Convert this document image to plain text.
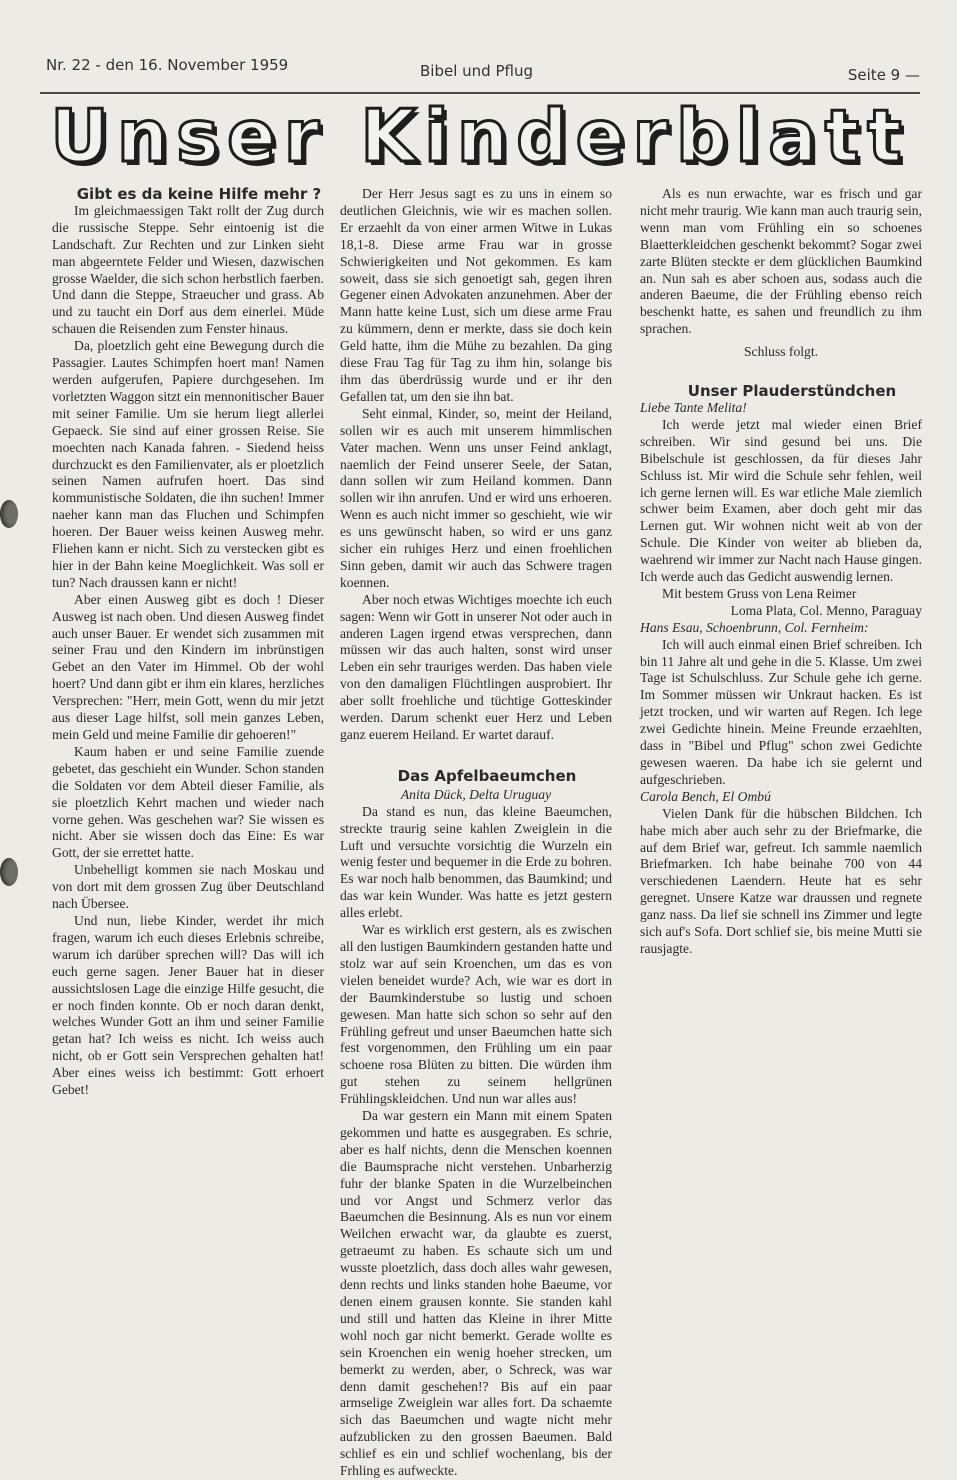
Nr. 22 - den 16. November 1959	Bibel und Pflug	Seite 9 —
Unser Kinderblatt

Gibt es da keine Hilfe mehr ?

Im gleichmaessigen Takt rollt der Zug durch die russische Steppe. Sehr eintoenig ist die Landschaft. Zur Rechten und zur Linken sieht man abgeerntete Felder und Wiesen, dazwischen grosse Waelder, die sich schon herbstlich faerben. Und dann die Steppe, Straeucher und grass. Ab und zu taucht ein Dorf aus dem einerlei. Müde schauen die Reisenden zum Fenster hinaus.

Da, ploetzlich geht eine Bewegung durch die Passagier. Lautes Schimpfen hoert man! Namen werden aufgerufen, Papiere durchgesehen. Im vorletzten Waggon sitzt ein mennonitischer Bauer mit seiner Familie. Um sie herum liegt allerlei Gepaeck. Sie sind auf einer grossen Reise. Sie moechten nach Kanada fahren. - Siedend heiss durchzuckt es den Familienvater, als er ploetzlich seinen Namen aufrufen hoert. Das sind kommunistische Soldaten, die ihn suchen! Immer naeher kann man das Fluchen und Schimpfen hoeren. Der Bauer weiss keinen Ausweg mehr. Fliehen kann er nicht. Sich zu verstecken gibt es hier in der Bahn keine Moeglichkeit. Was soll er tun? Nach draussen kann er nicht!

Aber einen Ausweg gibt es doch ! Dieser Ausweg ist nach oben. Und diesen Ausweg findet auch unser Bauer. Er wendet sich zusammen mit seiner Frau und den Kindern im inbrünstigen Gebet an den Vater im Himmel. Ob der wohl hoert? Und dann gibt er ihm ein klares, herzliches Versprechen: "Herr, mein Gott, wenn du mir jetzt aus dieser Lage hilfst, soll mein ganzes Leben, mein Geld und meine Familie dir gehoeren!"

Kaum haben er und seine Familie zuende gebetet, das geschieht ein Wunder. Schon standen die Soldaten vor dem Abteil dieser Familie, als sie ploetzlich Kehrt machen und wieder nach vorne gehen. Was geschehen war? Sie wissen es nicht. Aber sie wissen doch das Eine: Es war Gott, der sie errettet hatte.

Unbehelligt kommen sie nach Moskau und von dort mit dem grossen Zug über Deutschland nach Übersee.

Und nun, liebe Kinder, werdet ihr mich fragen, warum ich euch dieses Erlebnis schreibe, warum ich darüber sprechen will? Das will ich euch gerne sagen. Jener Bauer hat in dieser aussichtslosen Lage die einzige Hilfe gesucht, die er noch finden konnte. Ob er noch daran denkt, welches Wunder Gott an ihm und seiner Familie getan hat? Ich weiss es nicht. Ich weiss auch nicht, ob er Gott sein Versprechen gehalten hat! Aber eines weiss ich bestimmt: Gott erhoert Gebet!

Der Herr Jesus sagt es zu uns in einem so deutlichen Gleichnis, wie wir es machen sollen. Er erzaehlt da von einer armen Witwe in Lukas 18,1-8. Diese arme Frau war in grosse Schwierigkeiten und Not gekommen. Es kam soweit, dass sie sich genoetigt sah, gegen ihren Gegener einen Advokaten anzunehmen. Aber der Mann hatte keine Lust, sich um diese arme Frau zu kümmern, denn er merkte, dass sie doch kein Geld hatte, ihm die Mühe zu bezahlen. Da ging diese Frau Tag für Tag zu ihm hin, solange bis ihm das überdrüssig wurde und er ihr den Gefallen tat, um den sie ihn bat.

Seht einmal, Kinder, so, meint der Heiland, sollen wir es auch mit unserem himmlischen Vater machen. Wenn uns unser Feind anklagt, naemlich der Feind unserer Seele, der Satan, dann sollen wir zum Heiland kommen. Dann sollen wir ihn anrufen. Und er wird uns erhoeren. Wenn es auch nicht immer so geschieht, wie wir es uns gewünscht haben, so wird er uns ganz sicher ein ruhiges Herz und einen froehlichen Sinn geben, damit wir auch das Schwere tragen koennen.

Aber noch etwas Wichtiges moechte ich euch sagen: Wenn wir Gott in unserer Not oder auch in anderen Lagen irgend etwas versprechen, dann müssen wir das auch halten, sonst wird unser Leben ein sehr trauriges werden. Das haben viele von den damaligen Flüchtlingen ausprobiert. Ihr aber sollt froehliche und tüchtige Gotteskinder werden. Darum schenkt euer Herz und Leben ganz euerem Heiland. Er wartet darauf.

Das Apfelbaeumchen

Anita Dück, Delta Uruguay

Da stand es nun, das kleine Baeumchen, streckte traurig seine kahlen Zweiglein in die Luft und versuchte vorsichtig die Wurzeln ein wenig fester und bequemer in die Erde zu bohren. Es war noch halb benommen, das Baumkind; und das war kein Wunder. Was hatte es jetzt gestern alles erlebt.

War es wirklich erst gestern, als es zwischen all den lustigen Baumkindern gestanden hatte und stolz war auf sein Kroenchen, um das es von vielen beneidet wurde? Ach, wie war es dort in der Baumkinderstube so lustig und schoen gewesen. Man hatte sich schon so sehr auf den Frühling gefreut und unser Baeumchen hatte sich fest vorgenommen, den Frühling um ein paar schoene rosa Blüten zu bitten. Die würden ihm gut stehen zu seinem hellgrünen Frühlingskleidchen. Und nun war alles aus!

Da war gestern ein Mann mit einem Spaten gekommen und hatte es ausgegraben. Es schrie, aber es half nichts, denn die Menschen koennen die Baumsprache nicht verstehen. Unbarherzig fuhr der blanke Spaten in die Wurzelbeinchen und vor Angst und Schmerz verlor das Baeumchen die Besinnung. Als es nun vor einem Weilchen erwacht war, da glaubte es zuerst, getraeumt zu haben. Es schaute sich um und wusste ploetzlich, dass doch alles wahr gewesen, denn rechts und links standen hohe Baeume, vor denen einem grausen konnte. Sie standen kahl und still und hatten das Kleine in ihrer Mitte wohl noch gar nicht bemerkt. Gerade wollte es sein Kroenchen ein wenig hoeher strecken, um bemerkt zu werden, aber, o Schreck, was war denn damit geschehen!? Bis auf ein paar armselige Zweiglein war alles fort. Da schaemte sich das Baeumchen und wagte nicht mehr aufzublicken zu den grossen Baeumen. Bald schlief es ein und schlief wochenlang, bis der Frhling es aufweckte.

Als es nun erwachte, war es frisch und gar nicht mehr traurig. Wie kann man auch traurig sein, wenn man vom Frühling ein so schoenes Blaetterkleidchen geschenkt bekommt? Sogar zwei zarte Blüten steckte er dem glücklichen Baumkind an. Nun sah es aber schoen aus, sodass auch die anderen Baeume, die der Frühling ebenso reich beschenkt hatte, es sahen und freundlich zu ihm sprachen.

Schluss folgt.

Unser Plauderstündchen

Liebe Tante Melita!

Ich werde jetzt mal wieder einen Brief schreiben. Wir sind gesund bei uns. Die Bibelschule ist geschlossen, da für dieses Jahr Schluss ist. Mir wird die Schule sehr fehlen, weil ich gerne lernen will. Es war etliche Male ziemlich schwer beim Examen, aber doch geht mir das Lernen gut. Wir wohnen nicht weit ab von der Schule. Die Kinder von weiter ab blieben da, waehrend wir immer zur Nacht nach Hause gingen. Ich werde auch das Gedicht auswendig lernen.

Mit bestem Gruss von Lena Reimer

Loma Plata, Col. Menno, Paraguay

Hans Esau, Schoenbrunn, Col. Fernheim:

Ich will auch einmal einen Brief schreiben. Ich bin 11 Jahre alt und gehe in die 5. Klasse. Um zwei Tage ist Schulschluss. Zur Schule gehe ich gerne. Im Sommer müssen wir Unkraut hacken. Es ist jetzt trocken, und wir warten auf Regen. Ich lege zwei Gedichte hinein. Meine Freunde erzaehlten, dass in "Bibel und Pflug" schon zwei Gedichte gewesen waeren. Da habe ich sie gelernt und aufgeschrieben.

Carola Bench, El Ombú

Vielen Dank für die hübschen Bildchen. Ich habe mich aber auch sehr zu der Briefmarke, die auf dem Brief war, gefreut. Ich sammle naemlich Briefmarken. Ich habe beinahe 700 von 44 verschiedenen Laendern. Heute hat es sehr geregnet. Unsere Katze war draussen und regnete ganz nass. Da lief sie schnell ins Zimmer und legte sich auf's Sofa. Dort schlief sie, bis meine Mutti sie rausjagte.
